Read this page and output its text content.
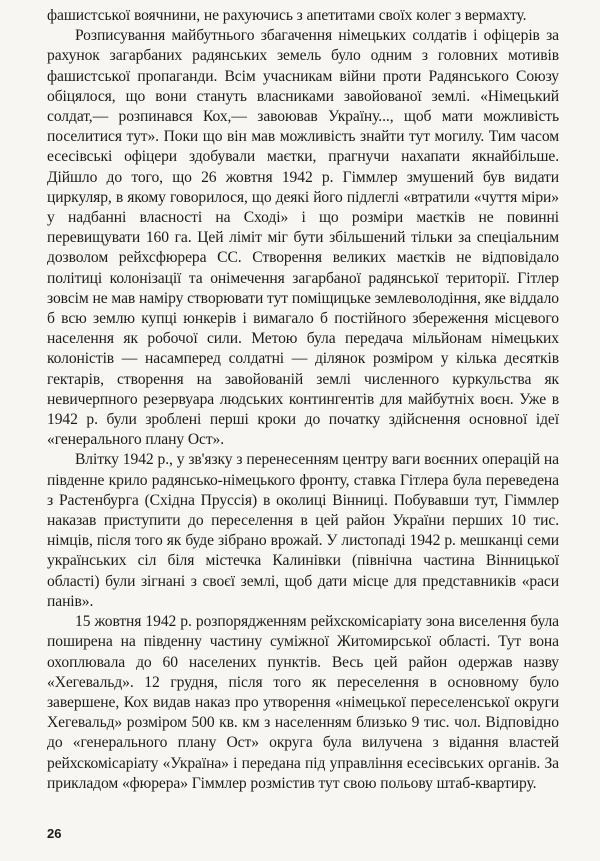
фашистської воячнини, не рахуючись з апетитами своїх колег з вермахту.

Розписування майбутнього збагачення німецьких солдатів і офіцерів за рахунок загарбаних радянських земель було одним з головних мотивів фашистської пропаганди. Всім учасникам війни проти Радянського Союзу обіцялося, що вони стануть власниками завойованої землі. «Німецький солдат,— розпинався Кох,— завоював Україну..., щоб мати можливість поселитися тут». Поки що він мав можливість знайти тут могилу. Тим часом есесівські офіцери здобували маєтки, прагнучи нахапати якнайбільше. Дійшло до того, що 26 жовтня 1942 р. Гіммлер змушений був видати циркуляр, в якому говорилося, що деякі його підлеглі «втратили «чуття міри» у надбанні власності на Сході» і що розміри маєтків не повинні перевищувати 160 га. Цей ліміт міг бути збільшений тільки за спеціальним дозволом рейхсфюрера СС. Створення великих маєтків не відповідало політиці колонізації та онімечення загарбаної радянської території. Гітлер зовсім не мав наміру створювати тут поміщицьке землеволодіння, яке віддало б всю землю купці юнкерів і вимагало б постійного збереження місцевого населення як робочої сили. Метою була передача мільйонам німецьких колоністів — насамперед солдатні — ділянок розміром у кілька десятків гектарів, створення на завойованій землі численного куркульства як невичерпного резервуара людських контингентів для майбутніх воєн. Уже в 1942 р. були зроблені перші кроки до початку здійснення основної ідеї «генерального плану Ост».

Влітку 1942 р., у зв'язку з перенесенням центру ваги воєнних операцій на південне крило радянсько-німецького фронту, ставка Гітлера була переведена з Растенбурга (Східна Пруссія) в околиці Вінниці. Побувавши тут, Гіммлер наказав приступити до переселення в цей район України перших 10 тис. німців, після того як буде зібрано врожай. У листопаді 1942 р. мешканці семи українських сіл біля містечка Калинівки (північна частина Вінницької області) були зігнані з своєї землі, щоб дати місце для представників «раси панів».

15 жовтня 1942 р. розпорядженням рейхскомісаріату зона виселення була поширена на південну частину суміжної Житомирської області. Тут вона охоплювала до 60 населених пунктів. Весь цей район одержав назву «Хегевальд». 12 грудня, після того як переселення в основному було завершене, Кох видав наказ про утворення «німецької переселенської округи Хегевальд» розміром 500 кв. км з населенням близько 9 тис. чол. Відповідно до «генерального плану Ост» округа була вилучена з відання властей рейхскомісаріату «Україна» і передана під управління есесівських органів. За прикладом «фюрера» Гіммлер розмістив тут свою польову штаб-квартиру.

26
